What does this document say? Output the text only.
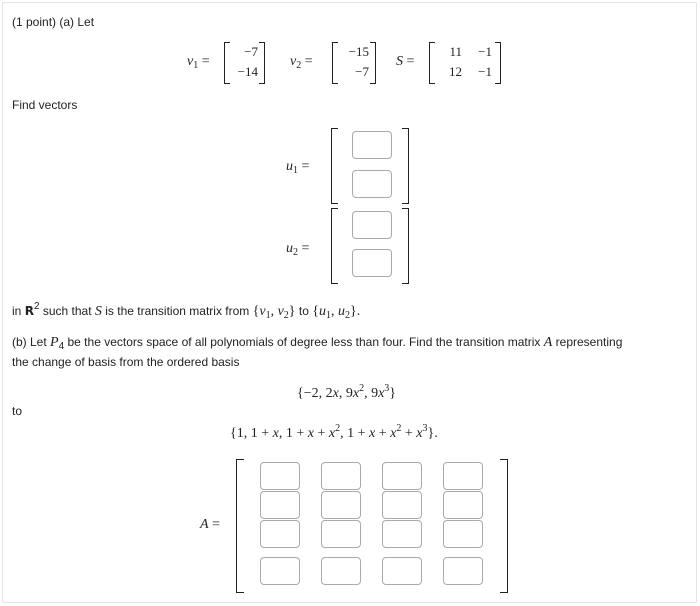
(1 point) (a) Let
$v_1$ =
−7
−14
$v_2$ =
−15
−7
S =
11	−1
12	−1
Find vectors
$u_1$ =
$u_2$ =
in $R^2$ such that S is the transition matrix from {$v_1$, $v_2$} to {$u_1$, $u_2$}.
(b) Let $P_4$ be the vectors space of all polynomials of degree less than four. Find the transition matrix A representing
the change of basis from the ordered basis
{−2, 2x, $9x^2$, $9x^3$}
to
{1, 1 + x, $1 + x + x^2$, $1 + x + x^2 + x^3$}.
A =
